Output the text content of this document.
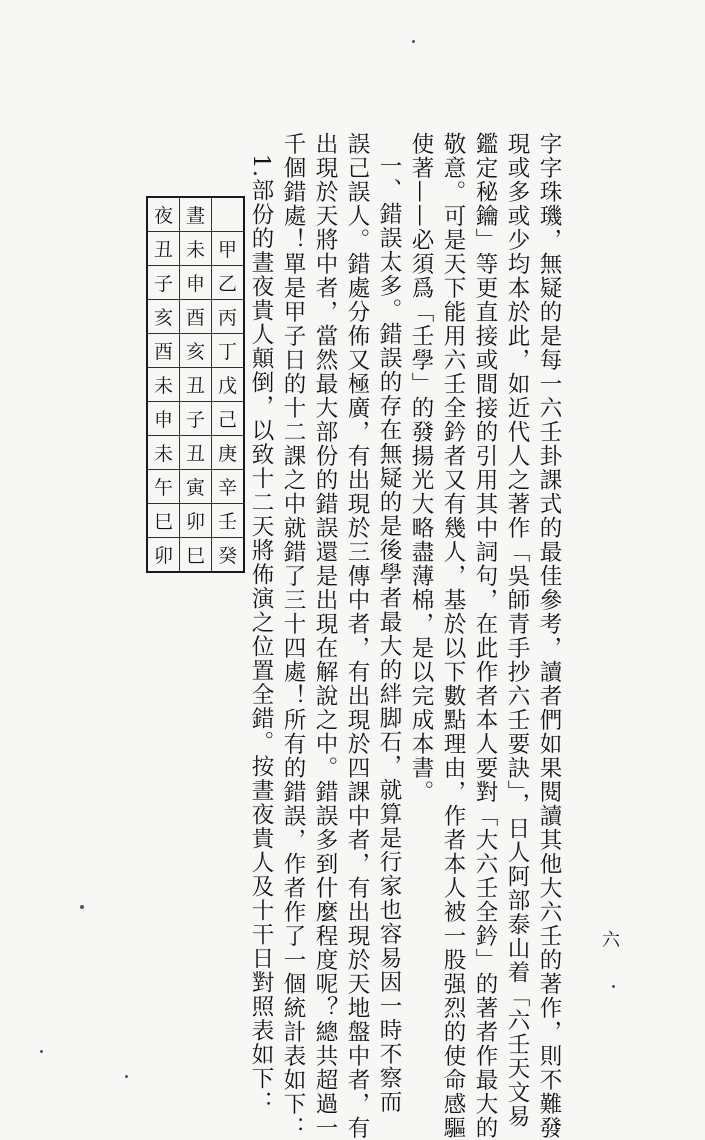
字字珠璣，無疑的是每一六壬卦課式的最佳參考，讀者們如果閱讀其他大六壬的著作，則不難發
現或多或少均本於此，如近代人之著作「吳師青手抄六壬要訣」，日人阿部泰山着「六壬天文易
鑑定秘鑰」等更直接或間接的引用其中詞句，在此作者本人要對「大六壬全鈐」的著者作最大的
敬意。可是天下能用六壬全鈐者又有幾人，基於以下數點理由，作者本人被一股强烈的使命感驅
使著——必須爲「壬學」的發揚光大略盡薄棉，是以完成本書。
一、錯誤太多。錯誤的存在無疑的是後學者最大的絆脚石，就算是行家也容易因一時不察而
誤己誤人。錯處分佈又極廣，有出現於三傳中者，有出現於四課中者，有出現於天地盤中者，有
出現於天將中者，當然最大部份的錯誤還是出現在解說之中。錯誤多到什麼程度呢？總共超過一
千個錯處！單是甲子日的十二課之中就錯了三十四處！所有的錯誤，作者作了一個統計表如下：
1.部份的晝夜貴人顛倒，以致十二天將佈演之位置全錯。按晝夜貴人及十干日對照表如下：	六
夜	晝	
丑	未	甲
子	申	乙
亥	酉	丙
酉	亥	丁
未	丑	戊
申	子	己
未	丑	庚
午	寅	辛
巳	卯	壬
卯	巳	癸
